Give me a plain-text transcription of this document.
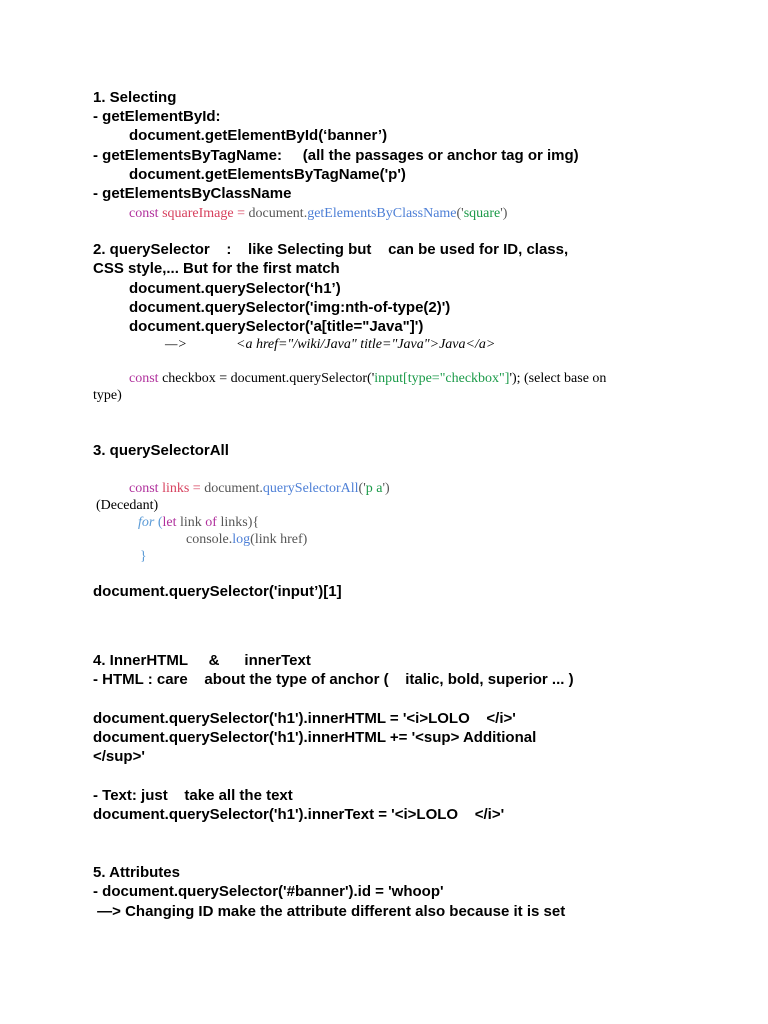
1. Selecting
- getElementById:
document.getElementById(‘banner’)
- getElementsByTagName:     (all the passages or anchor tag or img)
document.getElementsByTagName('p')
- getElementsByClassName
const squareImage = document.getElementsByClassName('square')
2. querySelector    :    like Selecting but    can be used for ID, class,
CSS style,... But for the first match
document.querySelector(‘h1’)
document.querySelector('img:nth-of-type(2)')
document.querySelector('a[title="Java"]')
—>	<a href="/wiki/Java" title="Java">Java</a>
const checkbox = document.querySelector('input[type="checkbox"]'); (select base on
type)
3. querySelectorAll
const links = document.querySelectorAll('p a')
(Decedant)
for (let link of links){
console.log(link href)
}
document.querySelector('input’)[1]
4. InnerHTML     &      innerText
- HTML : care    about the type of anchor (    italic, bold, superior ... )
document.querySelector('h1').innerHTML = '<i>LOLO    </i>'
document.querySelector('h1').innerHTML += '<sup> Additional
</sup>'
- Text: just    take all the text
document.querySelector('h1').innerText = '<i>LOLO    </i>'
5. Attributes
- document.querySelector('#banner').id = 'whoop'
—> Changing ID make the attribute different also because it is set
